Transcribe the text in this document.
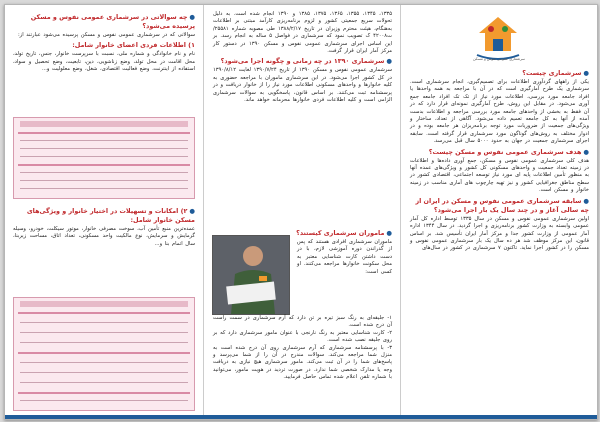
سرشماری عمومی نفوس و مسکن
●سرشماری چیست؟

یکی از راههای گردآوری اطلاعات برای تصمیم‌گیری، انجام سرشماری است. سرشماری یک طرح آمارگیری است که در آن با مراجعه به همه واحدها یا افراد جامعه مورد بررسی، اطلاعات مورد نیاز از تک تک افراد جامعه جمع آوری می‌شود. در مقابل این روش، طرح آمارگیری نمونه‌ای قرار دارد که در آن فقط به بخشی از واحدهای جامعه مورد بررسی مراجعه و اطلاعات بدست آمده از آنها به کل جامعه تعمیم داده می‌شود. آگاهی از تعداد، ساختار و ویژگی‌های جمعیت از ضروریات مورد توجه برنامه‌ریزان هر جامعه بوده و در ادوار مختلف به روش‌های گوناگون مورد سرشماری قرار گرفته است. سابقه اجرای سرشماری جمعیت در جهان به حدود ۵۰۰۰ سال قبل می‌رسد.

●هدف سرشماری عمومی نفوس و مسکن چیست؟

هدف کلی سرشماری عمومی نفوس و مسکن، جمع آوری داده‌ها و اطلاعات در زمینه تعداد جمعیت و واحدهای مسکونی کل کشور و ویژگی‌های عمده آنها به منظور تأمین اطلاعات پایه ای مورد نیاز توسعه اجتماعی، اقتصادی کشور در سطح مناطق جغرافیایی کشور و نیز تهیه چارچوب های آماری مناسب در زمینه خانوار و مسکن است.

●سابقه سرشماری عمومی نفوس و مسکن در ایران از چه سالی آغاز و در چند سال یک بار اجرا می‌شود؟

اولین سرشماری عمومی نفوس و مسکن در سال ۱۳۳۵ توسط اداره کل آمار عمومی وابسته به وزارت کشور برنامه‌ریزی و اجرا گردید. در سال ۱۳۴۴ اداره آمار عمومی از وزارت کشور جدا و مرکز آمار ایران تأسیس شد. بر اساس قانون، این مرکز موظف شد هر ده سال یک بار سرشماری عمومی نفوس و مسکن را در کشور اجرا نماید. تاکنون ۷ سرشماری در کشور در سال‌های

۱۳۳۵، ۱۳۴۵، ۱۳۵۵، ۱۳۶۵، ۱۳۷۵، ۱۳۸۵ و ۱۳۹۰ انجام شده است. به دلیل تحولات سریع جمعیتی کشور و لزوم برنامه‌ریزی کارآمد مبتنی بر اطلاعات به‌هنگام، هیئت محترم وزیران در تاریخ ۱۳۸۸/۲/۱۷ طی مصوبه شماره ۲۵۵۸۱/ت۴۲۰۰۸ ک تصویب نمود که سرشماری در فواصل ۵ ساله به انجام رسد. بر این اساس اجرای سرشماری عمومی نفوس و مسکن ۱۳۹۰ در دستور کار مرکز آمار ایران قرار گرفت.

●سرشماری ۱۳۹۰ در چه زمانی و چگونه اجرا می‌شود؟

سرشماری عمومی نفوس و مسکن ۱۳۹۰ از تاریخ ۱۳۹۰/۷/۲۴ لغایت ۱۳۹۰/۸/۱۲ در کل کشور اجرا می‌شود. در این سرشماری ماموران با مراجعه حضوری به کلیه خانوارها و واحدهای مسکونی اطلاعات مورد نیاز را از خانوار دریافت و در پرسشنامه ثبت می‌کنند. بر اساس قانون، پاسخگویی به سوالات سرشماری الزامی است و کلیه اطلاعات فردی خانوارها محرمانه خواهد ماند.

●ماموران سرشماری کیستند؟

ماموران سرشماری افرادی هستند که پس از گذراندن دوره آموزشی لازم، با در دست داشتن کارت شناسایی معتبر به محل سکونت خانوارها مراجعه می‌کنند. او کسی است:

۱- جلیقه‌ای به رنگ سبز تیره بر تن دارد که آرم سرشماری در سمت راست آن درج شده است.
۲- کارت شناسایی معتبر به رنگ نارنجی با عنوان مامور سرشماری دارد که بر روی جلیقه نصب شده است.
۳- با پرسشنامه سرشماری که آرم سرشماری روی آن درج شده است به منزل شما مراجعه می‌کند. سوالات مندرج در آن را از شما می‌پرسد و پاسخ‌های شما را در آن ثبت می‌کند. مامور سرشماری هیچ نیازی به دریافت وجه یا مدارک شخصی شما ندارد. در صورت تردید در هویت مامور، می‌توانید با شماره تلفن اعلام شده تماس حاصل فرمایید.

●چه سوالاتی در سرشماری عمومی نفوس و مسکن پرسیده می‌شود؟

سوالاتی که در سرشماری عمومی نفوس و مسکن پرسیده می‌شود عبارتند از:

۱) اطلاعات فردی اعضای خانوار شامل:

نام و نام خانوادگی و شماره ملی، نسبت با سرپرست خانوار، جنس، تاریخ تولد، محل اقامت در محل تولد، وضع زناشویی، دین، تابعیت، وضع تحصیل و سواد، استفاده از اینترنت، وضع فعالیت اقتصادی، شغل، وضع معلولیت و...

●۲) امکانات و تسهیلات در اختیار خانوار و ویژگی‌های مسکن خانوار شامل:

عمده‌ترین منبع تأمین آب، سوخت مصرفی خانوار، موتور سیکلت، خودرو، وسیله گرمایش و سرمایش، نوع مالکیت واحد مسکونی، تعداد اتاق، مساحت زیربنا، سال اتمام بنا و...
